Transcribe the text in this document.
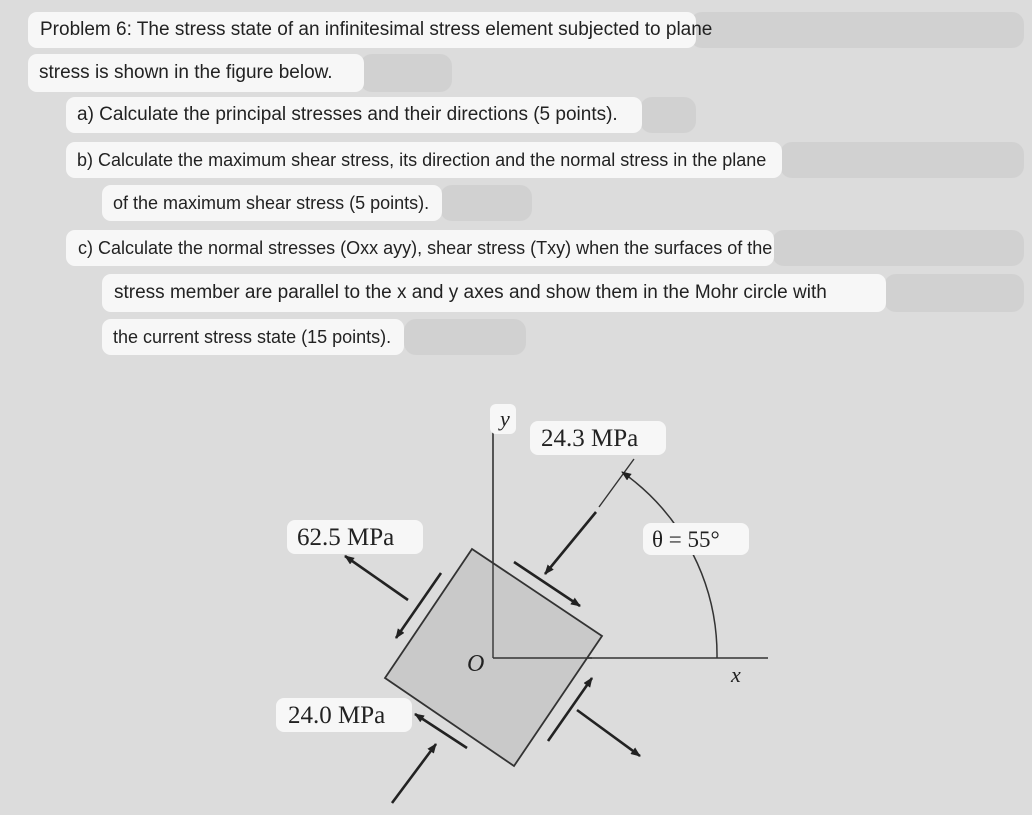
Problem 6: The stress state of an infinitesimal stress element subjected to plane
stress is shown in the figure below.
a) Calculate the principal stresses and their directions (5 points).
b) Calculate the maximum shear stress, its direction and the normal stress in the plane
of the maximum shear stress (5 points).
c) Calculate the normal stresses (Oxx ayy), shear stress (Txy) when the surfaces of the
stress member are parallel to the x and y axes and show them in the Mohr circle with
the current stress state (15 points).
24.3 MPa
62.5 MPa
24.0 MPa
θ = 55°
y
O	x
